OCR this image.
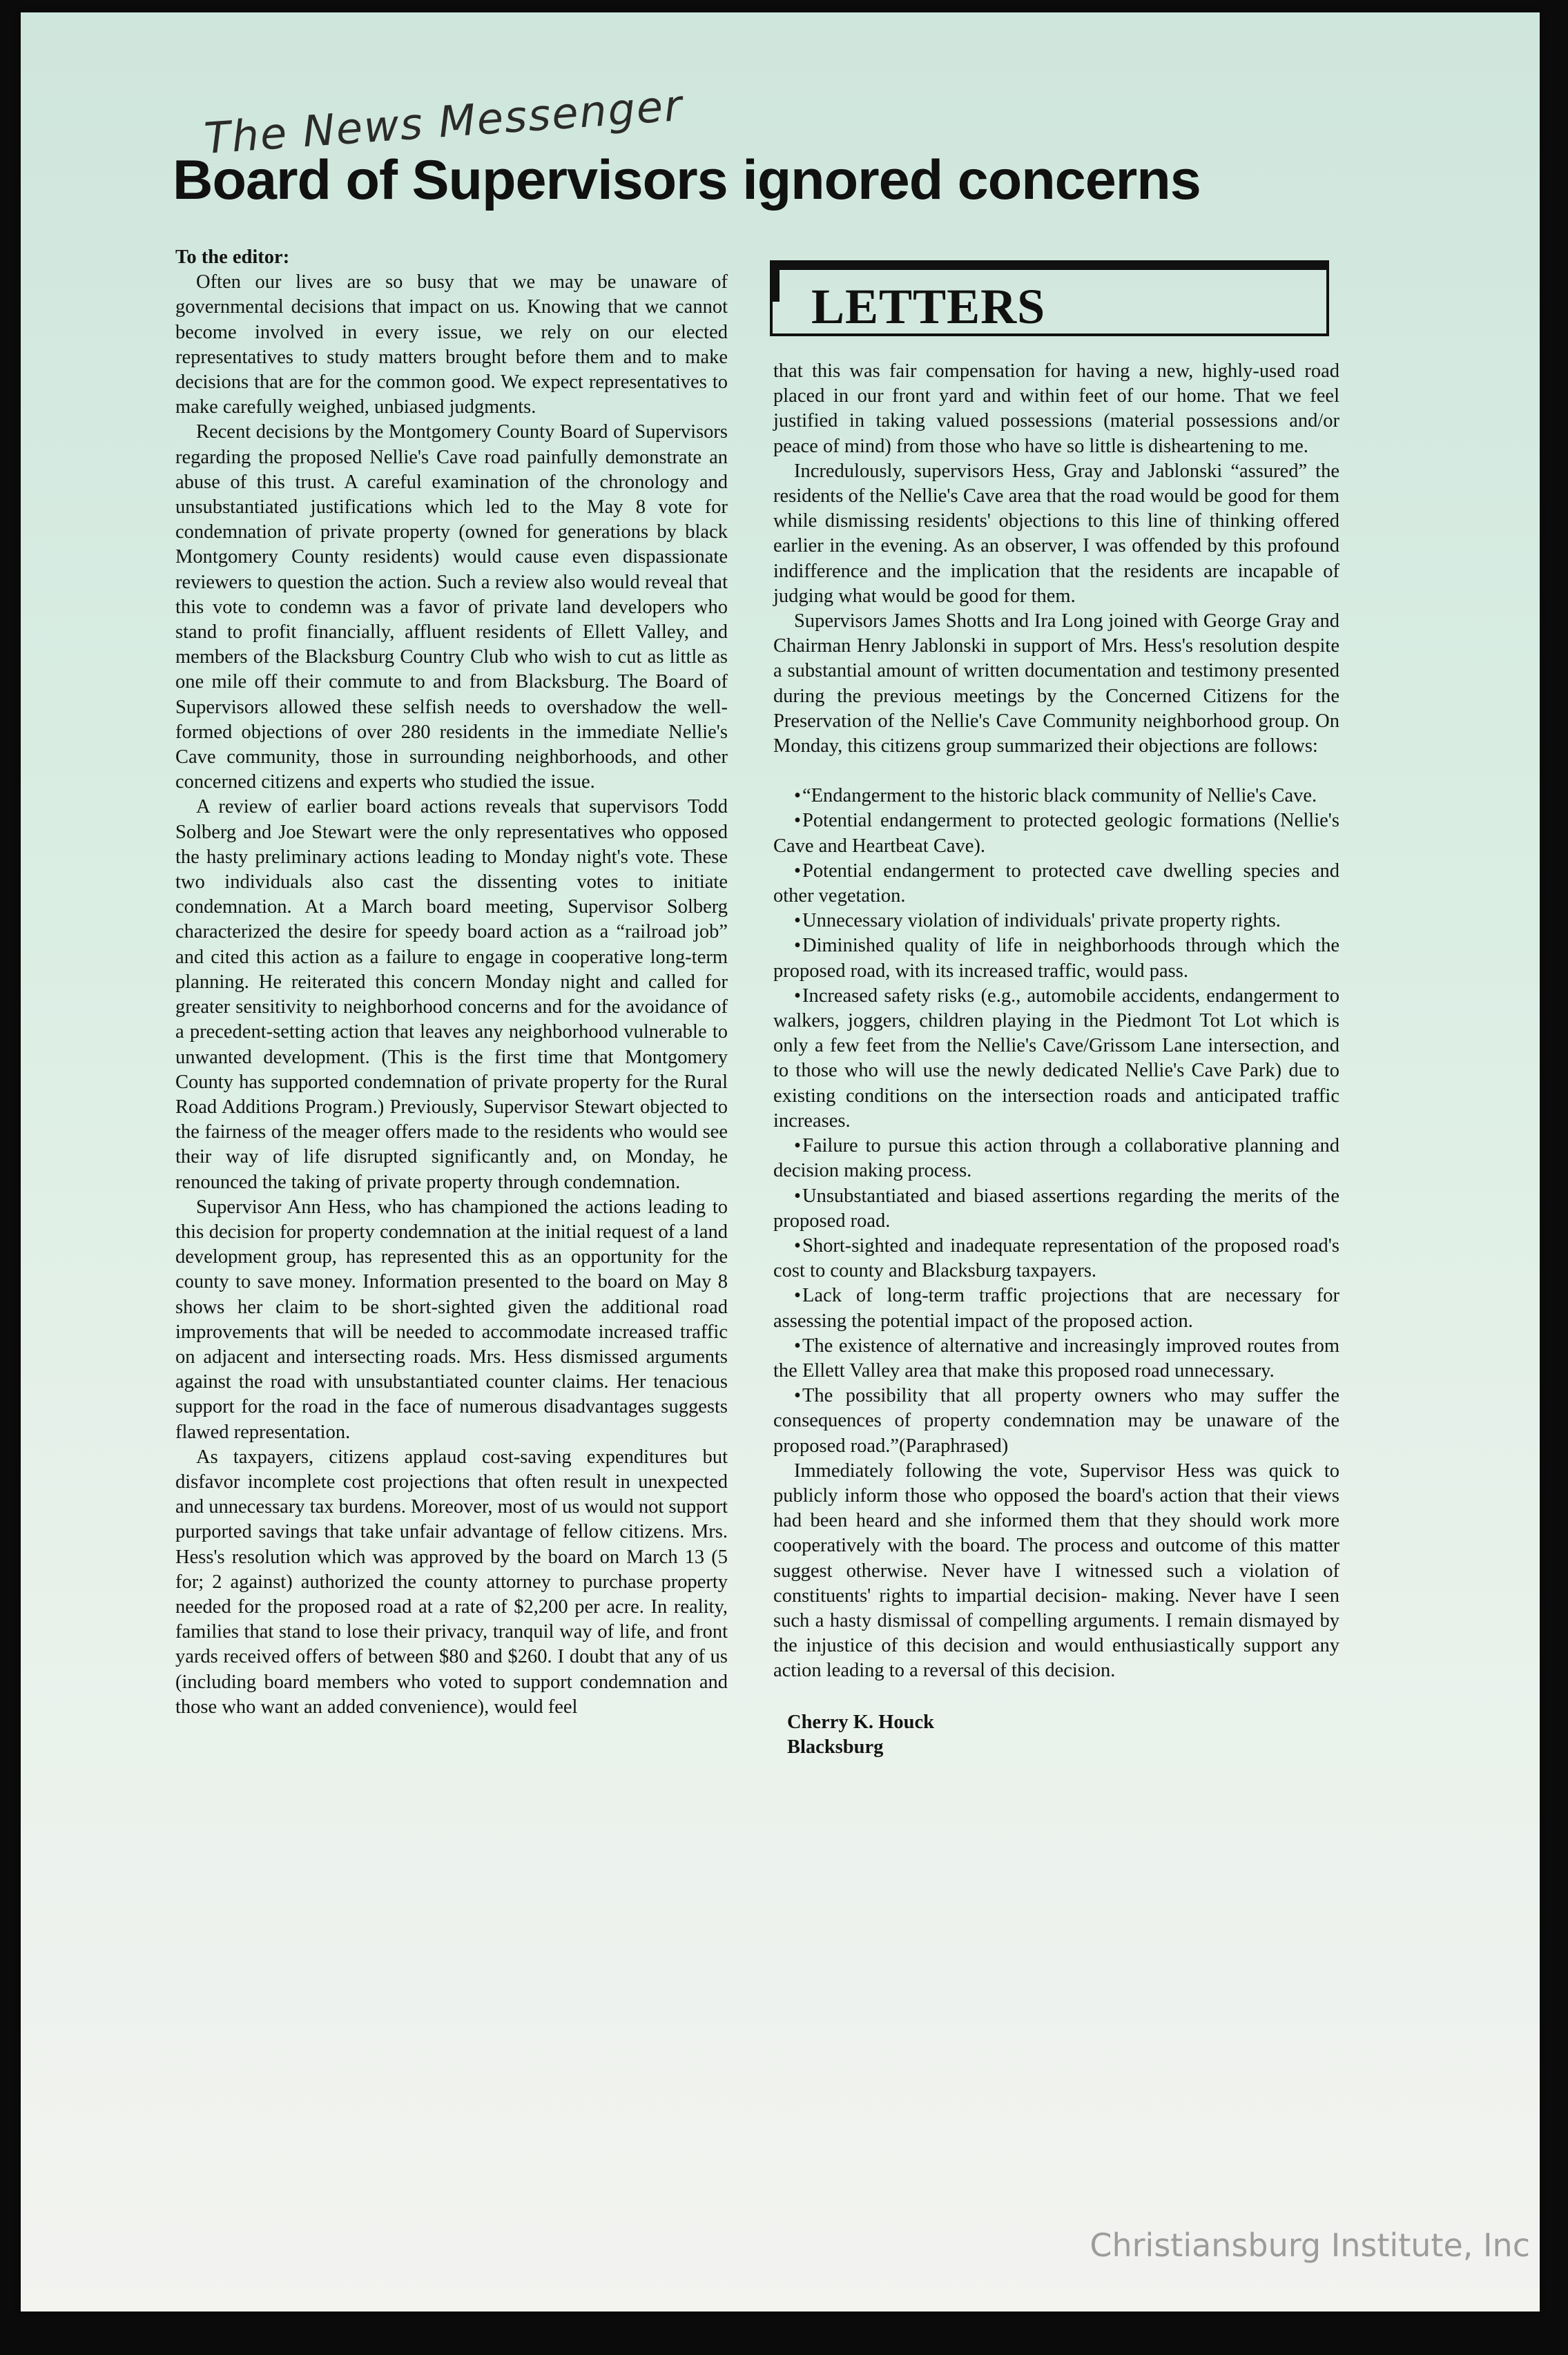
The News Messenger
Board of Supervisors ignored concerns
LETTERS

To the editor:

Often our lives are so busy that we may be unaware of governmental decisions that impact on us. Knowing that we cannot become involved in every issue, we rely on our elected representatives to study matters brought before them and to make decisions that are for the common good. We expect representatives to make carefully weighed, unbiased judgments.

Recent decisions by the Montgomery County Board of Supervisors regarding the proposed Nellie's Cave road painfully demonstrate an abuse of this trust. A careful examination of the chronology and unsubstantiated justifications which led to the May 8 vote for condemnation of private property (owned for generations by black Montgomery County residents) would cause even dispassionate reviewers to question the action. Such a review also would reveal that this vote to condemn was a favor of private land developers who stand to profit financially, affluent residents of Ellett Valley, and members of the Blacksburg Country Club who wish to cut as little as one mile off their commute to and from Blacksburg. The Board of Supervisors allowed these selfish needs to overshadow the well-formed objections of over 280 residents in the immediate Nellie's Cave community, those in surrounding neighborhoods, and other concerned citizens and experts who studied the issue.

A review of earlier board actions reveals that supervisors Todd Solberg and Joe Stewart were the only representatives who opposed the hasty preliminary actions leading to Monday night's vote. These two individuals also cast the dissenting votes to initiate condemnation. At a March board meeting, Supervisor Solberg characterized the desire for speedy board action as a “railroad job” and cited this action as a failure to engage in cooperative long-term planning. He reiterated this concern Monday night and called for greater sensitivity to neighborhood concerns and for the avoidance of a precedent-setting action that leaves any neighborhood vulnerable to unwanted development. (This is the first time that Montgomery County has supported condemnation of private property for the Rural Road Additions Program.) Previously, Supervisor Stewart objected to the fairness of the meager offers made to the residents who would see their way of life disrupted significantly and, on Monday, he renounced the taking of private property through condemnation.

Supervisor Ann Hess, who has championed the actions leading to this decision for property condemnation at the initial request of a land development group, has represented this as an opportunity for the county to save money. Information presented to the board on May 8 shows her claim to be short-sighted given the additional road improvements that will be needed to accommodate increased traffic on adjacent and intersecting roads. Mrs. Hess dismissed arguments against the road with unsubstantiated counter claims. Her tenacious support for the road in the face of numerous disadvantages suggests flawed representation.

As taxpayers, citizens applaud cost-saving expenditures but disfavor incomplete cost projections that often result in unexpected and unnecessary tax burdens. Moreover, most of us would not support purported savings that take unfair advantage of fellow citizens. Mrs. Hess's resolution which was approved by the board on March 13 (5 for; 2 against) authorized the county attorney to purchase property needed for the proposed road at a rate of $2,200 per acre. In reality, families that stand to lose their privacy, tranquil way of life, and front yards received offers of between $80 and $260. I doubt that any of us (including board members who voted to support condemnation and those who want an added convenience), would feel

that this was fair compensation for having a new, highly-used road placed in our front yard and within feet of our home. That we feel justified in taking valued possessions (material possessions and/or peace of mind) from those who have so little is disheartening to me.

Incredulously, supervisors Hess, Gray and Jablonski “assured” the residents of the Nellie's Cave area that the road would be good for them while dismissing residents' objections to this line of thinking offered earlier in the evening. As an observer, I was offended by this profound indifference and the implication that the residents are incapable of judging what would be good for them.

Supervisors James Shotts and Ira Long joined with George Gray and Chairman Henry Jablonski in support of Mrs. Hess's resolution despite a substantial amount of written documentation and testimony presented during the previous meetings by the Concerned Citizens for the Preservation of the Nellie's Cave Community neighborhood group. On Monday, this citizens group summarized their objections are follows:

• “Endangerment to the historic black community of Nellie's Cave.
• Potential endangerment to protected geologic formations (Nellie's Cave and Heartbeat Cave).
• Potential endangerment to protected cave dwelling species and other vegetation.
• Unnecessary violation of individuals' private property rights.
• Diminished quality of life in neighborhoods through which the proposed road, with its increased traffic, would pass.
• Increased safety risks (e.g., automobile accidents, endangerment to walkers, joggers, children playing in the Piedmont Tot Lot which is only a few feet from the Nellie's Cave/Grissom Lane intersection, and to those who will use the newly dedicated Nellie's Cave Park) due to existing conditions on the intersection roads and anticipated traffic increases.
• Failure to pursue this action through a collaborative planning and decision making process.
• Unsubstantiated and biased assertions regarding the merits of the proposed road.
• Short-sighted and inadequate representation of the proposed road's cost to county and Blacksburg taxpayers.
• Lack of long-term traffic projections that are necessary for assessing the potential impact of the proposed action.
• The existence of alternative and increasingly improved routes from the Ellett Valley area that make this proposed road unnecessary.
• The possibility that all property owners who may suffer the consequences of property condemnation may be unaware of the proposed road.”(Paraphrased)

Immediately following the vote, Supervisor Hess was quick to publicly inform those who opposed the board's action that their views had been heard and she informed them that they should work more cooperatively with the board. The process and outcome of this matter suggest otherwise. Never have I witnessed such a violation of constituents' rights to impartial decision- making. Never have I seen such a hasty dismissal of compelling arguments. I remain dismayed by the injustice of this decision and would enthusiastically support any action leading to a reversal of this decision.

Cherry K. Houck
Blacksburg
Christiansburg Institute, Inc
